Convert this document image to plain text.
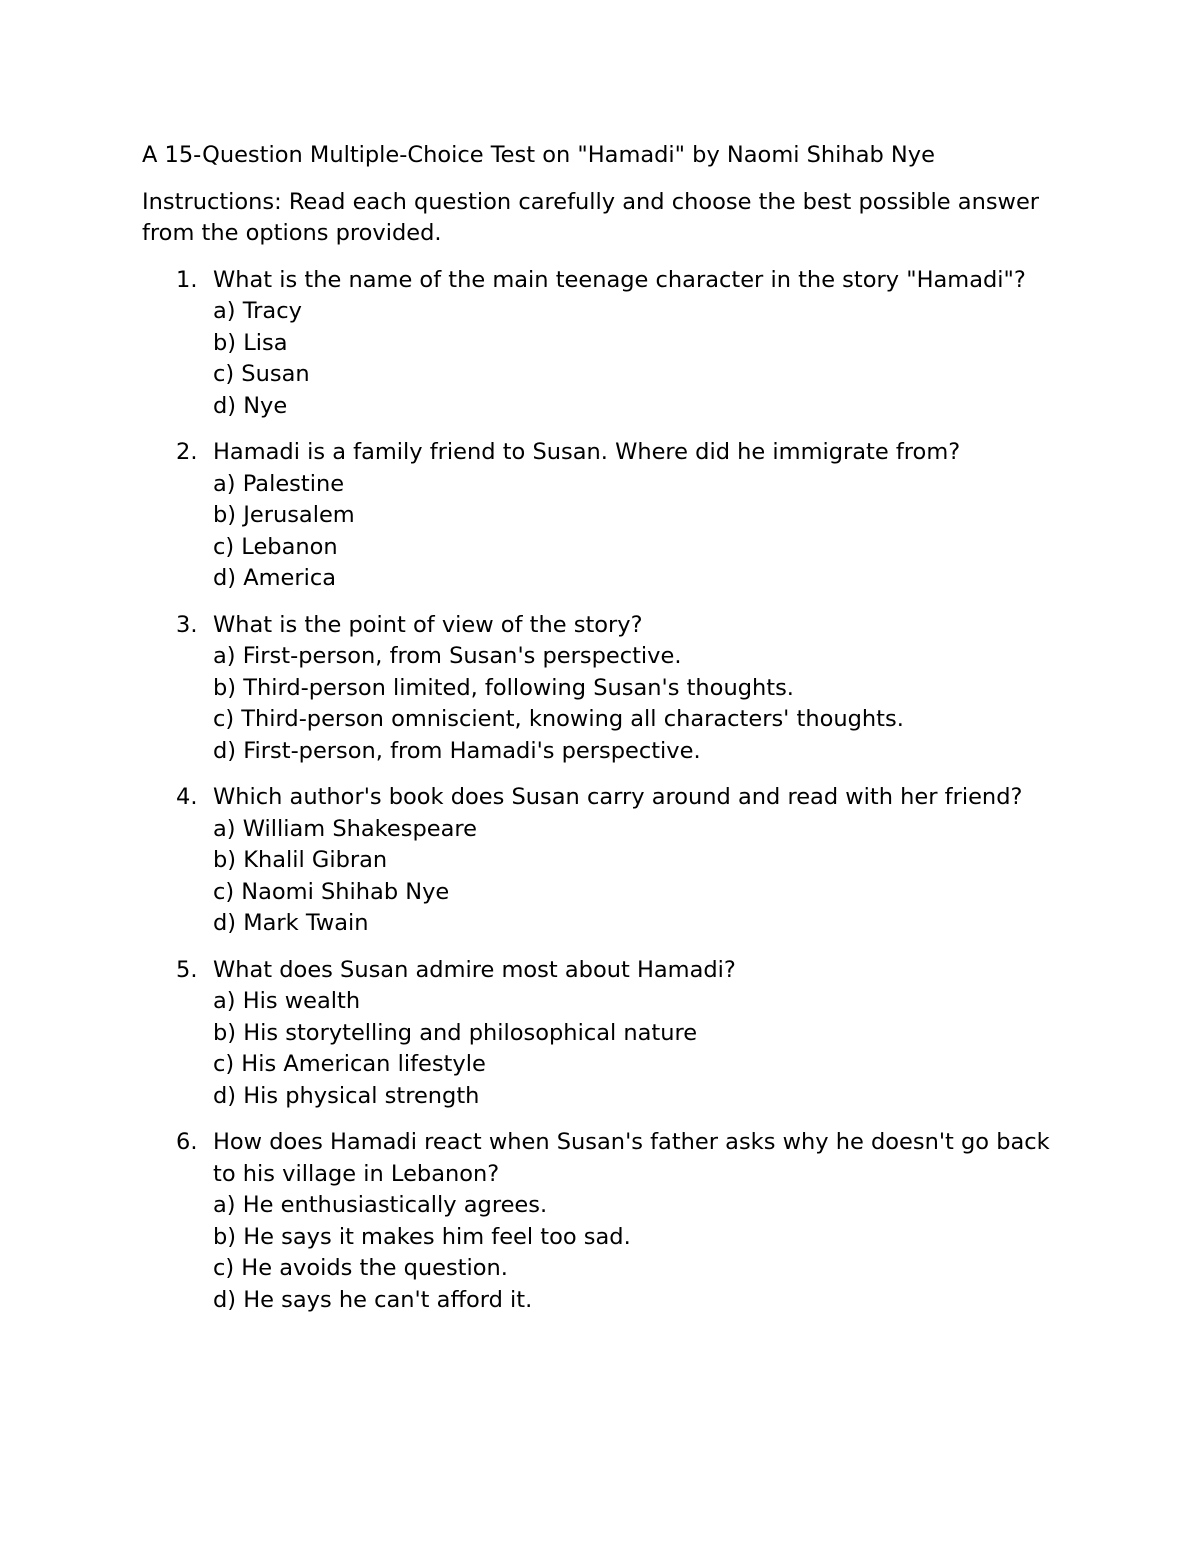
A 15-Question Multiple-Choice Test on "Hamadi" by Naomi Shihab Nye

Instructions: Read each question carefully and choose the best possible answer from the options provided.

1. What is the name of the main teenage character in the story "Hamadi"?
a) Tracy
b) Lisa
c) Susan
d) Nye
2. Hamadi is a family friend to Susan. Where did he immigrate from?
a) Palestine
b) Jerusalem
c) Lebanon
d) America
3. What is the point of view of the story?
a) First-person, from Susan's perspective.
b) Third-person limited, following Susan's thoughts.
c) Third-person omniscient, knowing all characters' thoughts.
d) First-person, from Hamadi's perspective.
4. Which author's book does Susan carry around and read with her friend?
a) William Shakespeare
b) Khalil Gibran
c) Naomi Shihab Nye
d) Mark Twain
5. What does Susan admire most about Hamadi?
a) His wealth
b) His storytelling and philosophical nature
c) His American lifestyle
d) His physical strength
6. How does Hamadi react when Susan's father asks why he doesn't go back to his village in Lebanon?
a) He enthusiastically agrees.
b) He says it makes him feel too sad.
c) He avoids the question.
d) He says he can't afford it.
